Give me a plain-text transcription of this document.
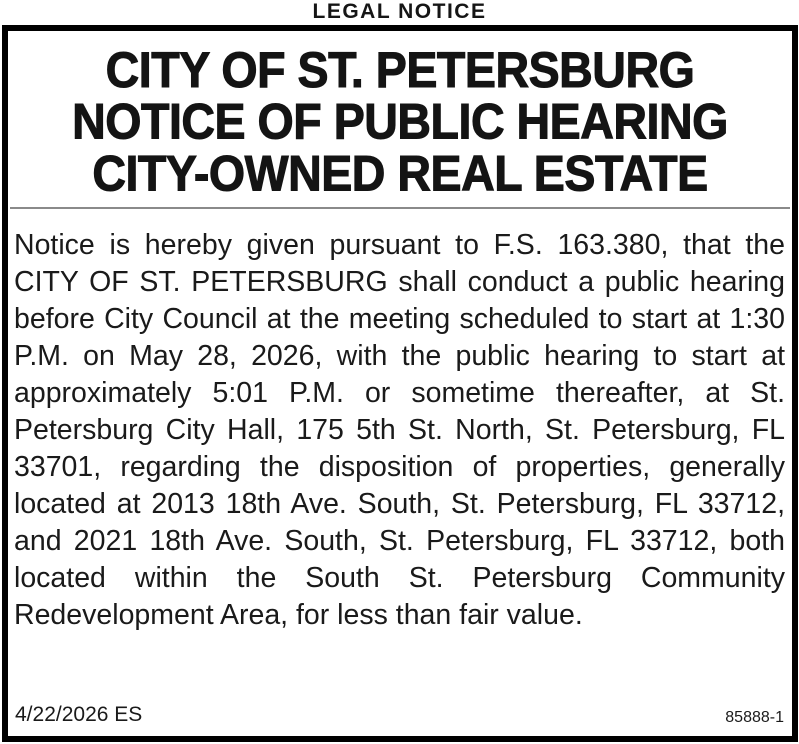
LEGAL NOTICE
CITY OF ST. PETERSBURG
NOTICE OF PUBLIC HEARING
CITY-OWNED REAL ESTATE

Notice is hereby given pursuant to F.S. 163.380, that the CITY OF ST. PETERSBURG shall conduct a public hearing before City Council at the meeting scheduled to start at 1:30 P.M. on May 28, 2026, with the public hearing to start at approximately 5:01 P.M. or sometime thereafter, at St. Petersburg City Hall, 175 5th St. North, St. Petersburg, FL 33701, regarding the disposition of properties, generally located at 2013 18th Ave. South, St. Petersburg, FL 33712, and 2021 18th Ave. South, St. Petersburg, FL 33712, both located within the South St. Petersburg Community Redevelopment Area, for less than fair value.

4/22/2026 ES	85888-1
